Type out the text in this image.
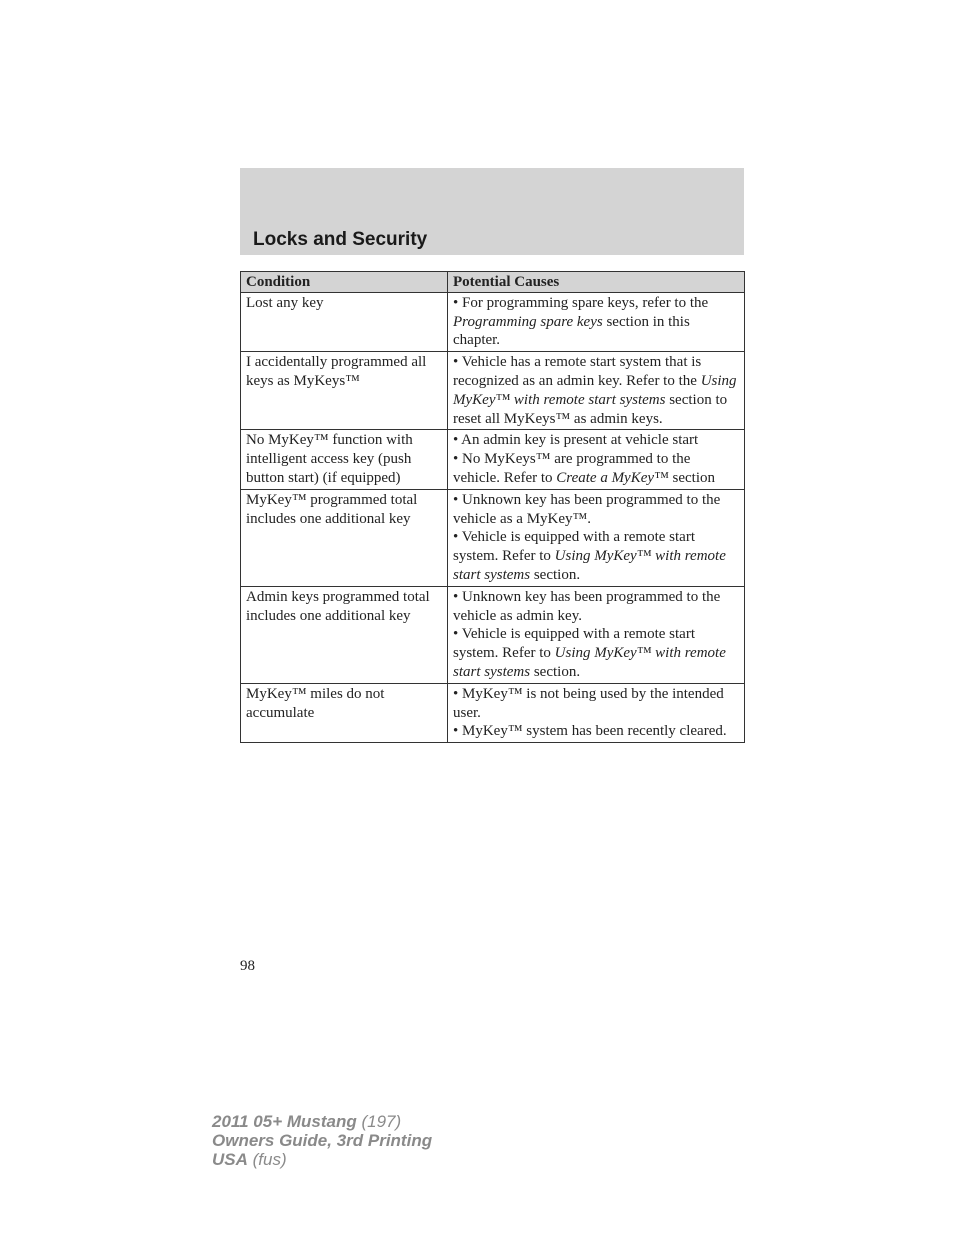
Locks and Security
Condition	Potential Causes
Lost any key	• For programming spare keys, refer to the Programming spare keys section in this chapter.

I accidentally programmed all keys as MyKeys™	• Vehicle has a remote start system that is recognized as an admin key. Refer to the Using MyKey™ with remote start systems section to reset all MyKeys™ as admin keys.

No MyKey™ function with intelligent access key (push button start) (if equipped)	• An admin key is present at vehicle start
• No MyKeys™ are programmed to the vehicle. Refer to Create a MyKey™ section

MyKey™ programmed total includes one additional key	• Unknown key has been programmed to the vehicle as a MyKey™.
• Vehicle is equipped with a remote start system. Refer to Using MyKey™ with remote start systems section.

Admin keys programmed total includes one additional key	• Unknown key has been programmed to the vehicle as admin key.
• Vehicle is equipped with a remote start system. Refer to Using MyKey™ with remote start systems section.

MyKey™ miles do not accumulate	• MyKey™ is not being used by the intended user.
• MyKey™ system has been recently cleared.
98
2011 05+ Mustang (197)
Owners Guide, 3rd Printing
USA (fus)
